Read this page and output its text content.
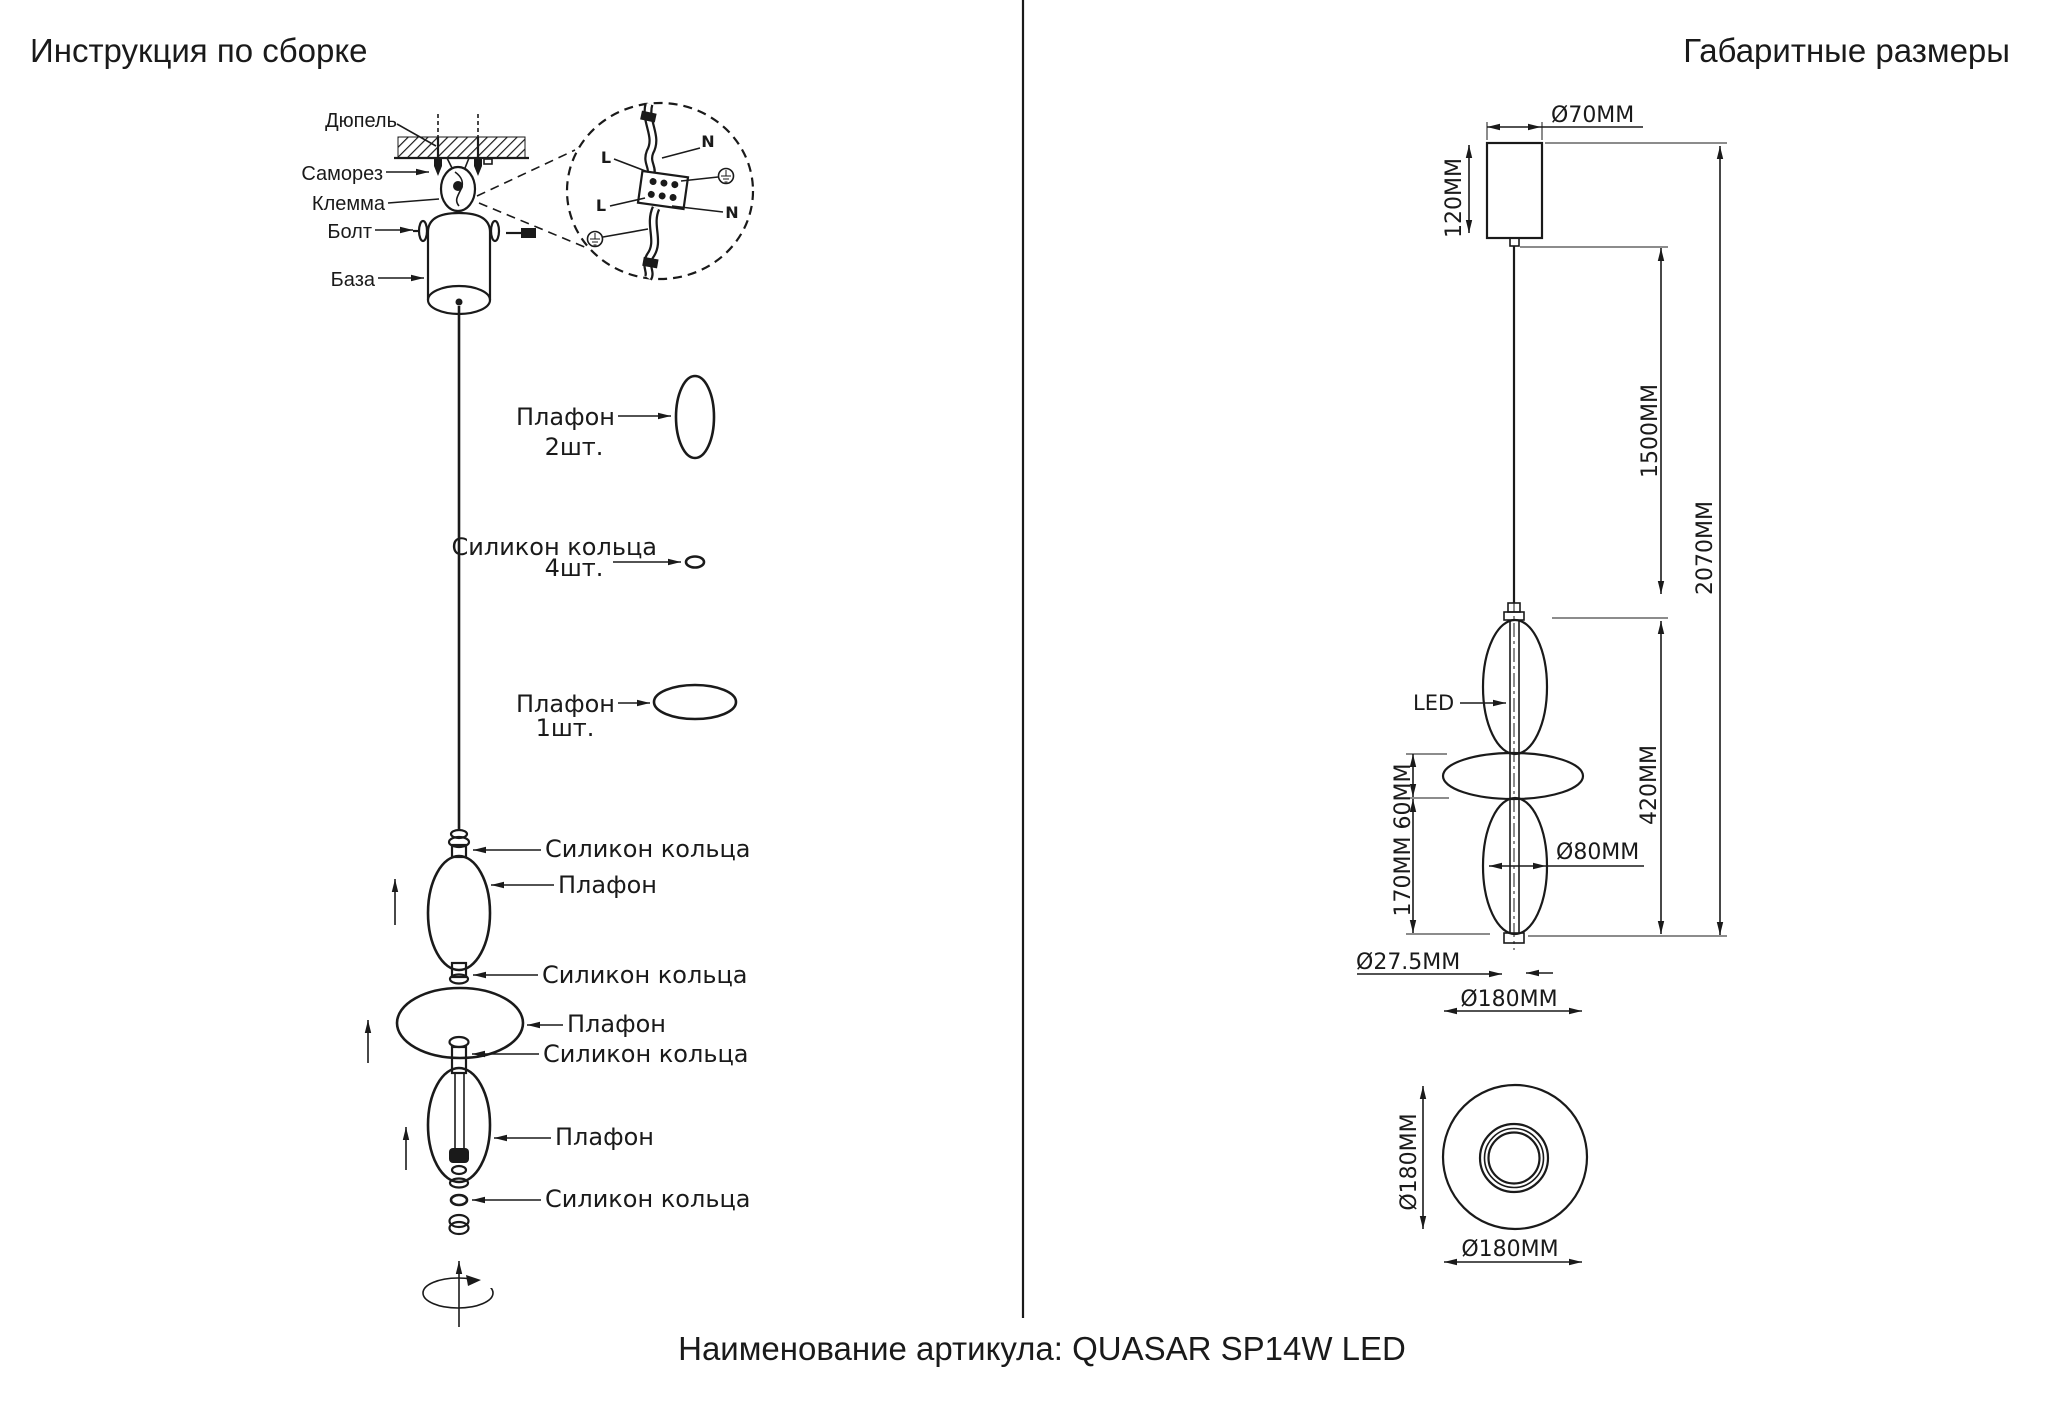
Инструкция по сборке
Дюпель
Саморез
Клемма
Болт
База
N
L
L	N
Плафон
2шт.
Силикон кольца
4шт.
Плафон
1шт.
Силикон кольца
Плафон
Силикон кольца
Плафон
Силикон кольца
Плафон
Силикон кольца
Габаритные размеры
Ø70MM
120MM
1500MM
2070MM
420MM
LED
170MM 60MM	Ø80MM
Ø27.5MM
Ø180MM
Ø180MM
Ø180MM
Наименование артикула: QUASAR SP14W LED
